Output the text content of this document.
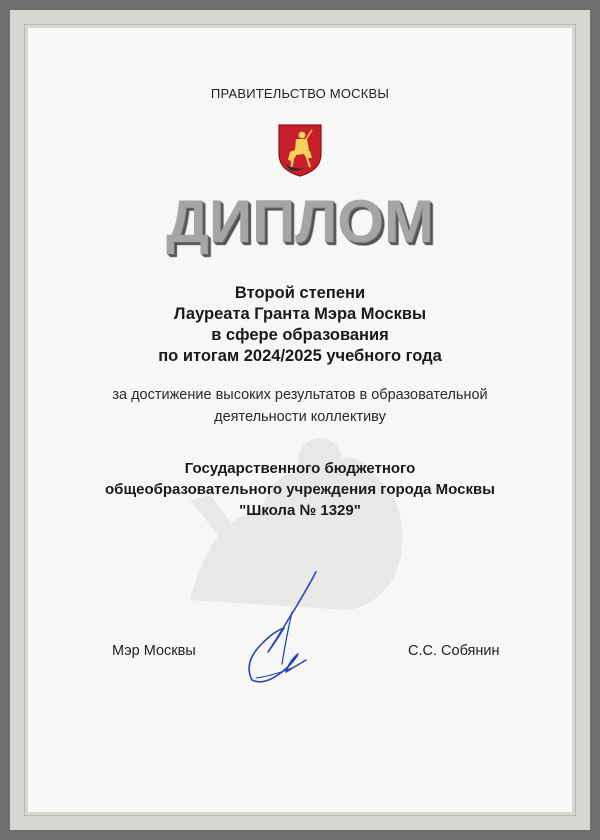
ПРАВИТЕЛЬСТВО МОСКВЫ
ДИПЛОМ
Второй степени
Лауреата Гранта Мэра Москвы
в сфере образования
по итогам 2024/2025 учебного года
за достижение высоких результатов в образовательной
деятельности коллективу
Государственного бюджетного
общеобразовательного учреждения города Москвы
"Школа № 1329"
Мэр Москвы	С.С. Собянин
